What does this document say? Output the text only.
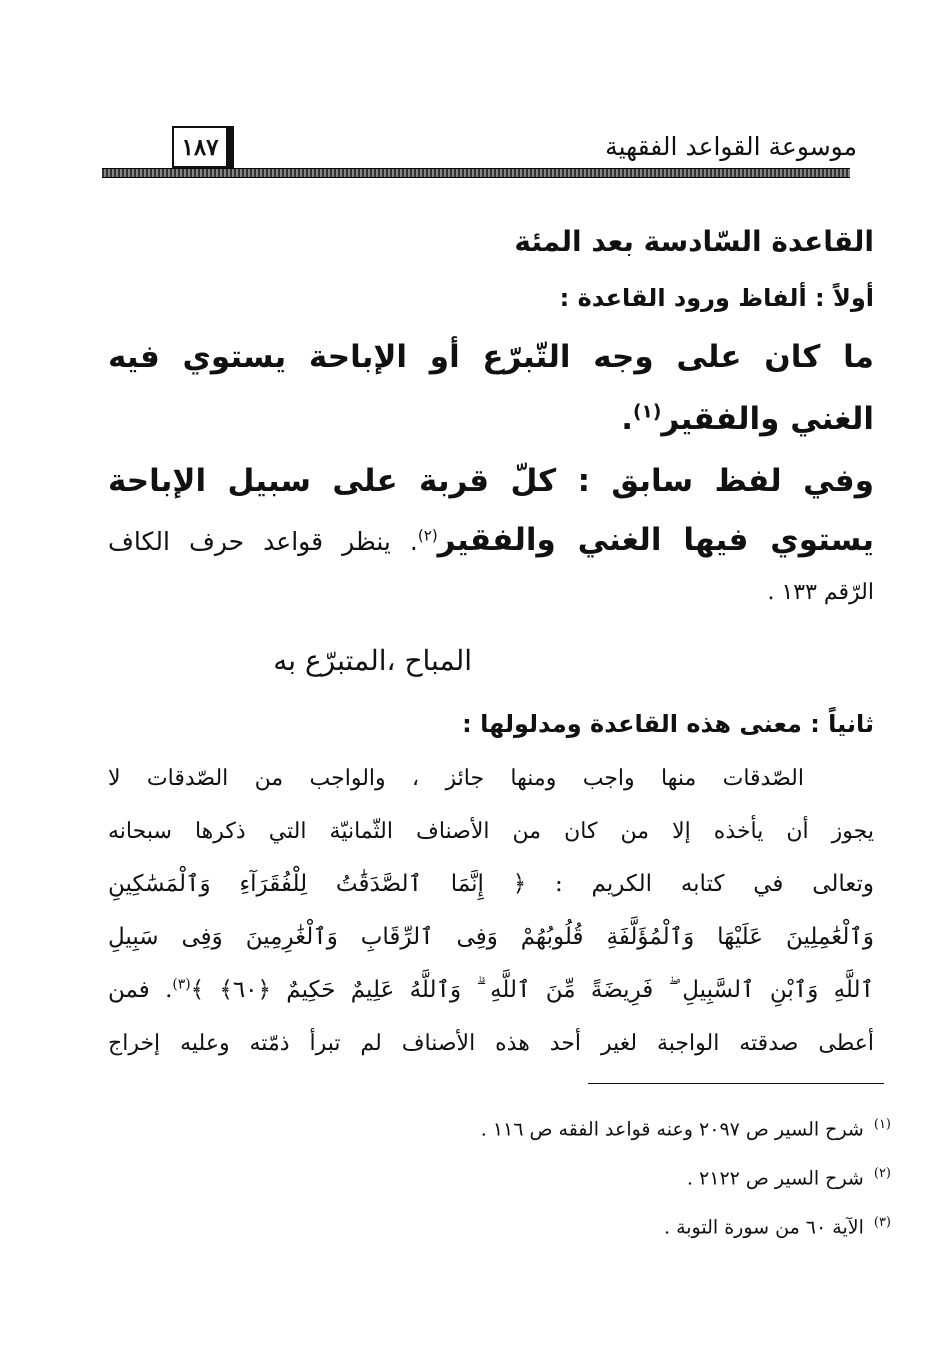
موسوعة القواعد الفقهية
١٨٧
القاعدة السّادسة بعد المئة
أولاً : ألفاظ ورود القاعدة :
ما كان على وجه التّبرّع أو الإباحة يستوي فيه
الغني والفقير$^{(١)}$.
وفي لفظ سابق : كلّ قربة على سبيل الإباحة
يستوي فيها الغني والفقير$^{(٢)}$. ينظر قواعد حرف الكاف
الرّقم ١٣٣ .
المباح ،المتبرّع به
ثانياً : معنى هذه القاعدة ومدلولها :
الصّدقات منها واجب ومنها جائز ، والواجب من الصّدقات لا
يجوز أن يأخذه إلا من كان من الأصناف الثّمانيّة التي ذكرها سبحانه
وتعالى في كتابه الكريم : ﴿ إِنَّمَا ٱلصَّدَقَٰتُ لِلْفُقَرَآءِ وَٱلْمَسَٰكِينِ
وَٱلْعَٰمِلِينَ عَلَيْهَا وَٱلْمُؤَلَّفَةِ قُلُوبُهُمْ وَفِى ٱلرِّقَابِ وَٱلْغَٰرِمِينَ وَفِى سَبِيلِ
ٱللَّهِ وَٱبْنِ ٱلسَّبِيلِ ۖ فَرِيضَةً مِّنَ ٱللَّهِ ۗ وَٱللَّهُ عَلِيمٌ حَكِيمٌ ﴿٦٠﴾ ﴾$^{(٣)}$. فمن
أعطى صدقته الواجبة لغير أحد هذه الأصناف لم تبرأ ذمّته وعليه إخراج
$^{(١)}$شرح السير ص ٢٠٩٧ وعنه قواعد الفقه ص ١١٦ .
$^{(٢)}$شرح السير ص ٢١٢٢ .
$^{(٣)}$الآية ٦٠ من سورة التوبة .
